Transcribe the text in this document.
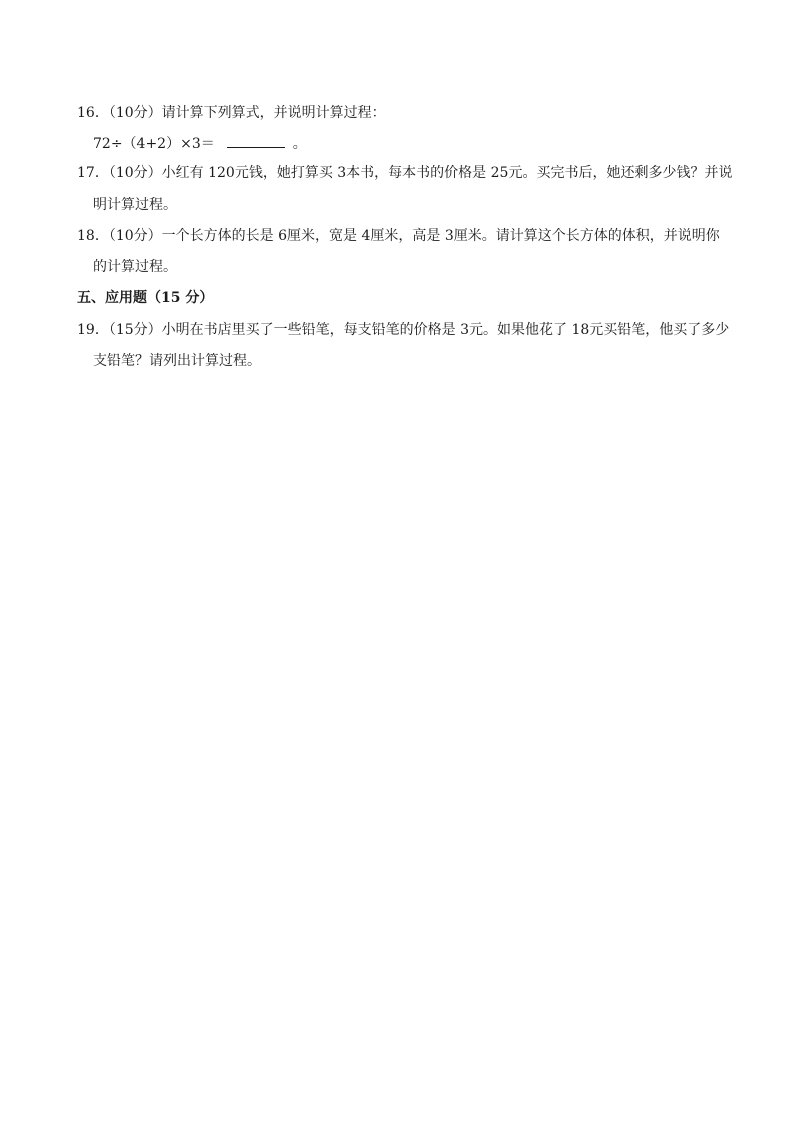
16．（10分）请计算下列算式，并说明计算过程：
72÷（4+2）×3＝	。
17．（10分）小红有 120元钱，她打算买 3本书，每本书的价格是 25元。买完书后，她还剩多少钱？并说
明计算过程。
18．（10分）一个长方体的长是 6厘米，宽是 4厘米，高是 3厘米。请计算这个长方体的体积，并说明你
的计算过程。
五、应用题（15 分）
19．（15分）小明在书店里买了一些铅笔，每支铅笔的价格是 3元。如果他花了 18元买铅笔，他买了多少
支铅笔？请列出计算过程。
